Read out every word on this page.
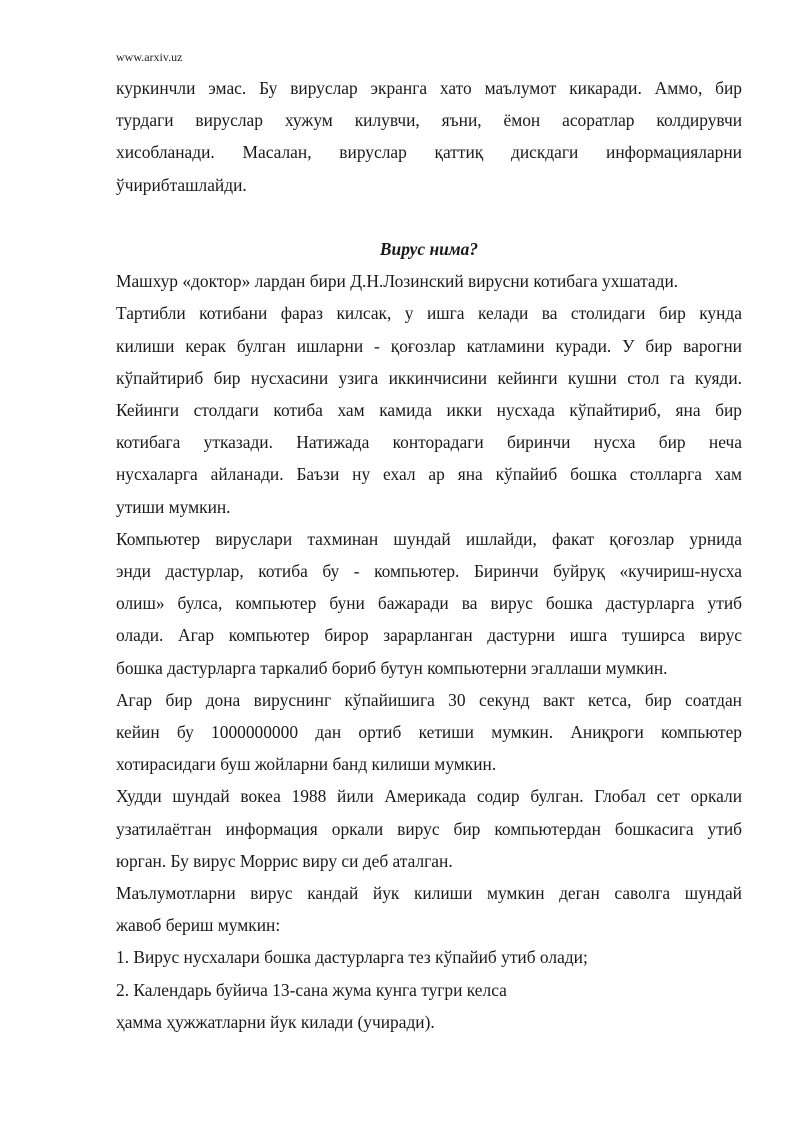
www.arxiv.uz

куркинчли эмас. Бу вируслар экранга хато маълумот кикаради. Аммо, бир
турдаги вируслар хужум килувчи, яъни, ёмон асоратлар колдирувчи
хисобланади. Масалан, вируслар қаттиқ дискдаги информацияларни
ўчирибташлайди.

Вирус нима?

Машхур «доктор» лардан бири Д.Н.Лозинский вирусни котибага ухшатади.

Тартибли котибани фараз килсак, у ишга келади ва столидаги бир кунда
килиши керак булган ишларни - қоғозлар катламини куради. У бир варогни
кўпайтириб бир нусхасини узига иккинчисини кейинги кушни стол га куяди.
Кейинги столдаги котиба хам камида икки нусхада кўпайтириб, яна бир
котибага утказади. Натижада конторадаги биринчи нусха бир неча
нусхаларга айланади. Баъзи ну ехал ар яна кўпайиб бошка столларга хам
утиши мумкин.

Компьютер вируслари тахминан шундай ишлайди, факат қоғозлар урнида
энди дастурлар, котиба бу - компьютер. Биринчи буйруқ «кучириш-нусха
олиш» булса, компьютер буни бажаради ва вирус бошка дастурларга утиб
олади. Агар компьютер бирор зарарланган дастурни ишга туширса вирус
бошка дастурларга таркалиб бориб бутун компьютерни эгаллаши мумкин.

Агар бир дона вируснинг кўпайишига 30 секунд вакт кетса, бир соатдан
кейин бу 1000000000 дан ортиб кетиши мумкин. Аниқроги компьютер
хотирасидаги буш жойларни банд килиши мумкин.

Худди шундай вокеа 1988 йили Америкада содир булган. Глобал сет оркали
узатилаётган информация оркали вирус бир компьютердан бошкасига утиб
юрган. Бу вирус Моррис виру си деб аталган.

Маълумотларни вирус кандай йук килиши мумкин деган саволга шундай
жавоб бериш мумкин:

1. Вирус нусхалари бошка дастурларга тез кўпайиб утиб олади;
2. Календарь буйича 13-сана жума кунга тугри келса
ҳамма ҳужжатларни йук килади (учиради).
